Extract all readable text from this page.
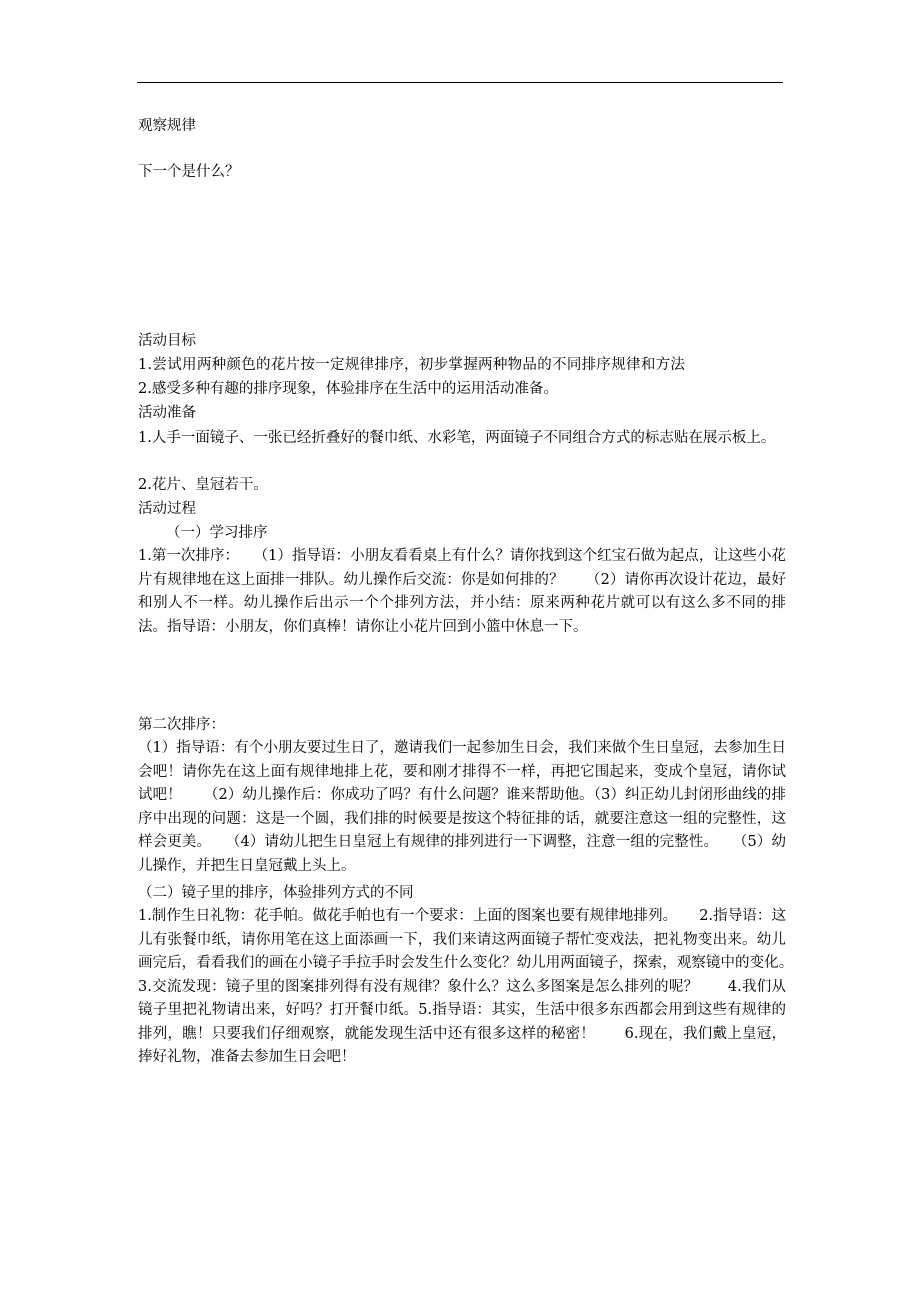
观察规律
下一个是什么？
活动目标
1.尝试用两种颜色的花片按一定规律排序，初步掌握两种物品的不同排序规律和方法
2.感受多种有趣的排序现象，体验排序在生活中的运用活动准备。
活动准备
1.人手一面镜子、一张已经折叠好的餐巾纸、水彩笔，两面镜子不同组合方式的标志贴在展示板上。
2.花片、皇冠若干。
活动过程
（一）学习排序
1.第一次排序：　　（1）指导语：小朋友看看桌上有什么？请你找到这个红宝石做为起点，让这些小花片有规律地在这上面排一排队。幼儿操作后交流：你是如何排的？　　（2）请你再次设计花边，最好和别人不一样。幼儿操作后出示一个个排列方法，并小结：原来两种花片就可以有这么多不同的排法。指导语：小朋友，你们真棒！请你让小花片回到小篮中休息一下。
第二次排序：
（1）指导语：有个小朋友要过生日了，邀请我们一起参加生日会，我们来做个生日皇冠，去参加生日会吧！请你先在这上面有规律地排上花，要和刚才排得不一样，再把它围起来，变成个皇冠，请你试试吧！　　（2）幼儿操作后：你成功了吗？有什么问题？谁来帮助他。（3）纠正幼儿封闭形曲线的排序中出现的问题：这是一个圆，我们排的时候要是按这个特征排的话，就要注意这一组的完整性，这样会更美。　　（4）请幼儿把生日皇冠上有规律的排列进行一下调整，注意一组的完整性。　　（5）幼儿操作，并把生日皇冠戴上头上。
（二）镜子里的排序，体验排列方式的不同
1.制作生日礼物：花手帕。做花手帕也有一个要求：上面的图案也要有规律地排列。　　2.指导语：这儿有张餐巾纸，请你用笔在这上面添画一下，我们来请这两面镜子帮忙变戏法，把礼物变出来。幼儿画完后，看看我们的画在小镜子手拉手时会发生什么变化？幼儿用两面镜子，探索，观察镜中的变化。　　3.交流发现：镜子里的图案排列得有没有规律？象什么？这么多图案是怎么排列的呢？　　4.我们从镜子里把礼物请出来，好吗？打开餐巾纸。5.指导语：其实，生活中很多东西都会用到这些有规律的排列，瞧！只要我们仔细观察，就能发现生活中还有很多这样的秘密！　　6.现在，我们戴上皇冠，捧好礼物，准备去参加生日会吧！
